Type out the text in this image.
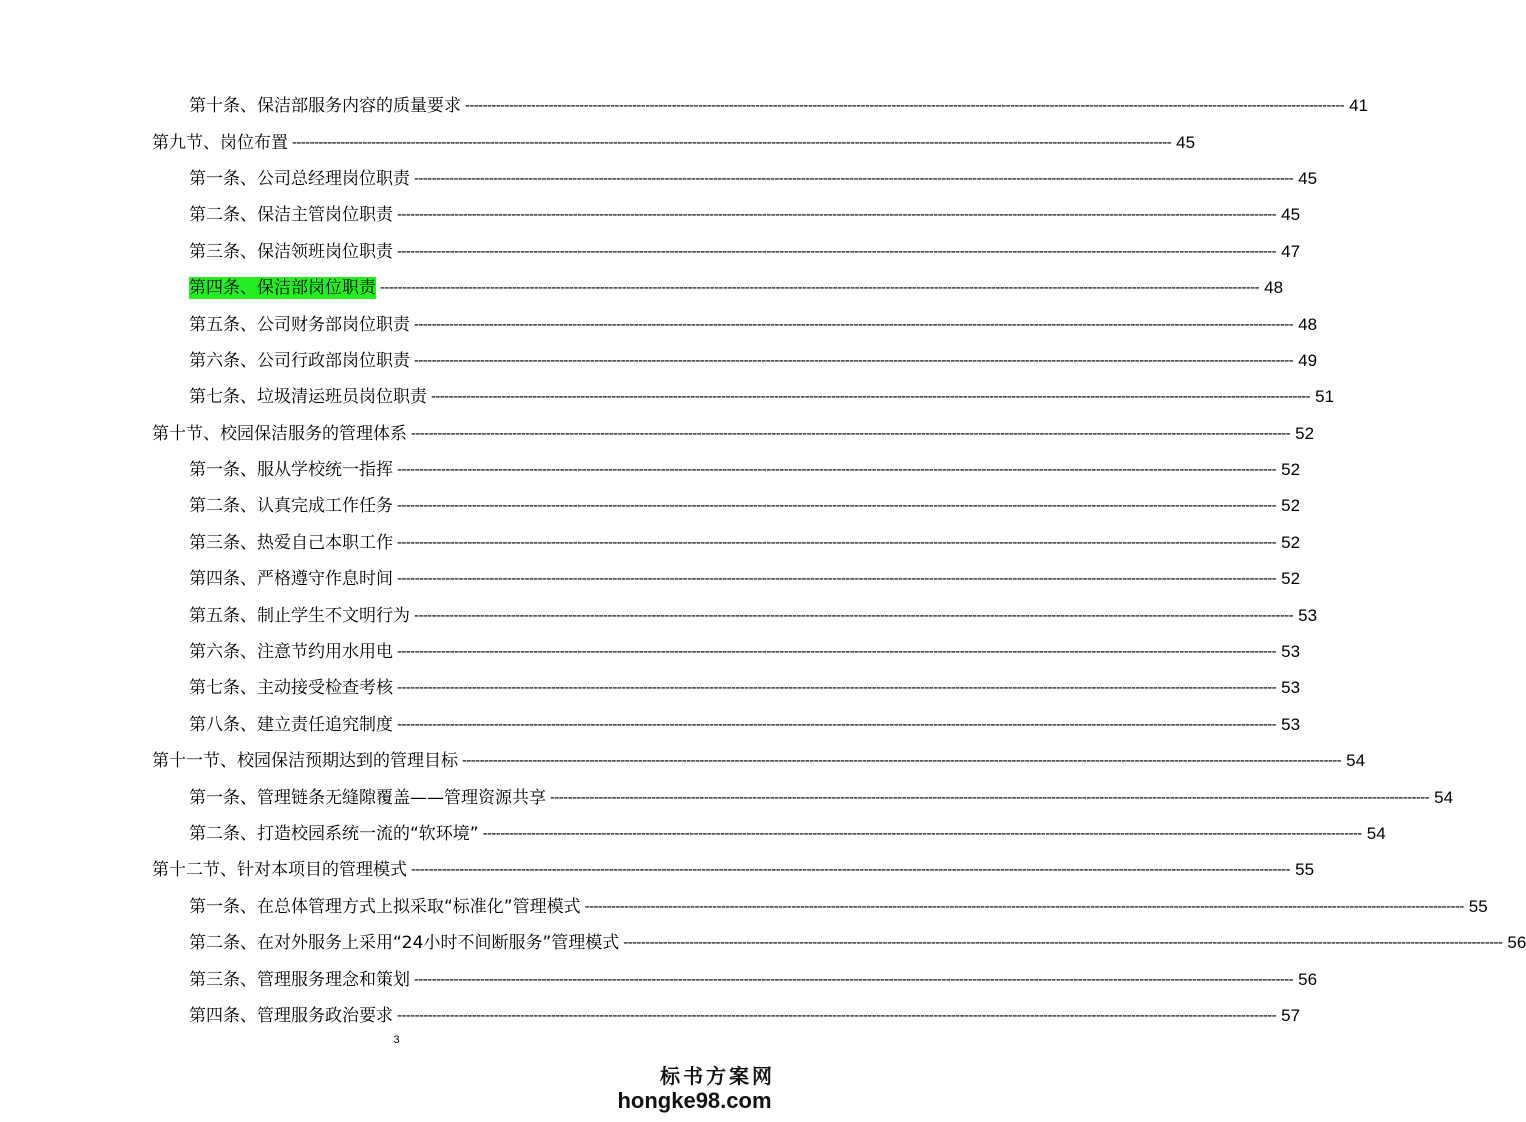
第十条、保洁部服务内容的质量要求 -------------------------------------------------------------------------------------------------------------------------------------------------------------------------------------------------------- 41
第九节、岗位布置 -------------------------------------------------------------------------------------------------------------------------------------------------------------------------------------------------------- 45
第一条、公司总经理岗位职责 -------------------------------------------------------------------------------------------------------------------------------------------------------------------------------------------------------- 45
第二条、保洁主管岗位职责 -------------------------------------------------------------------------------------------------------------------------------------------------------------------------------------------------------- 45
第三条、保洁领班岗位职责 -------------------------------------------------------------------------------------------------------------------------------------------------------------------------------------------------------- 47
第四条、保洁部岗位职责 -------------------------------------------------------------------------------------------------------------------------------------------------------------------------------------------------------- 48
第五条、公司财务部岗位职责 -------------------------------------------------------------------------------------------------------------------------------------------------------------------------------------------------------- 48
第六条、公司行政部岗位职责 -------------------------------------------------------------------------------------------------------------------------------------------------------------------------------------------------------- 49
第七条、垃圾清运班员岗位职责 -------------------------------------------------------------------------------------------------------------------------------------------------------------------------------------------------------- 51
第十节、校园保洁服务的管理体系 -------------------------------------------------------------------------------------------------------------------------------------------------------------------------------------------------------- 52
第一条、服从学校统一指挥 -------------------------------------------------------------------------------------------------------------------------------------------------------------------------------------------------------- 52
第二条、认真完成工作任务 -------------------------------------------------------------------------------------------------------------------------------------------------------------------------------------------------------- 52
第三条、热爱自己本职工作 -------------------------------------------------------------------------------------------------------------------------------------------------------------------------------------------------------- 52
第四条、严格遵守作息时间 -------------------------------------------------------------------------------------------------------------------------------------------------------------------------------------------------------- 52
第五条、制止学生不文明行为 -------------------------------------------------------------------------------------------------------------------------------------------------------------------------------------------------------- 53
第六条、注意节约用水用电 -------------------------------------------------------------------------------------------------------------------------------------------------------------------------------------------------------- 53
第七条、主动接受检查考核 -------------------------------------------------------------------------------------------------------------------------------------------------------------------------------------------------------- 53
第八条、建立责任追究制度 -------------------------------------------------------------------------------------------------------------------------------------------------------------------------------------------------------- 53
第十一节、校园保洁预期达到的管理目标 -------------------------------------------------------------------------------------------------------------------------------------------------------------------------------------------------------- 54
第一条、管理链条无缝隙覆盖——管理资源共享 -------------------------------------------------------------------------------------------------------------------------------------------------------------------------------------------------------- 54
第二条、打造校园系统一流的“软环境” -------------------------------------------------------------------------------------------------------------------------------------------------------------------------------------------------------- 54
第十二节、针对本项目的管理模式 -------------------------------------------------------------------------------------------------------------------------------------------------------------------------------------------------------- 55
第一条、在总体管理方式上拟采取“标准化”管理模式 -------------------------------------------------------------------------------------------------------------------------------------------------------------------------------------------------------- 55
第二条、在对外服务上采用“24小时不间断服务”管理模式 -------------------------------------------------------------------------------------------------------------------------------------------------------------------------------------------------------- 56
第三条、管理服务理念和策划 -------------------------------------------------------------------------------------------------------------------------------------------------------------------------------------------------------- 56
第四条、管理服务政治要求 -------------------------------------------------------------------------------------------------------------------------------------------------------------------------------------------------------- 57
3
标书方案网
hongke98.com
